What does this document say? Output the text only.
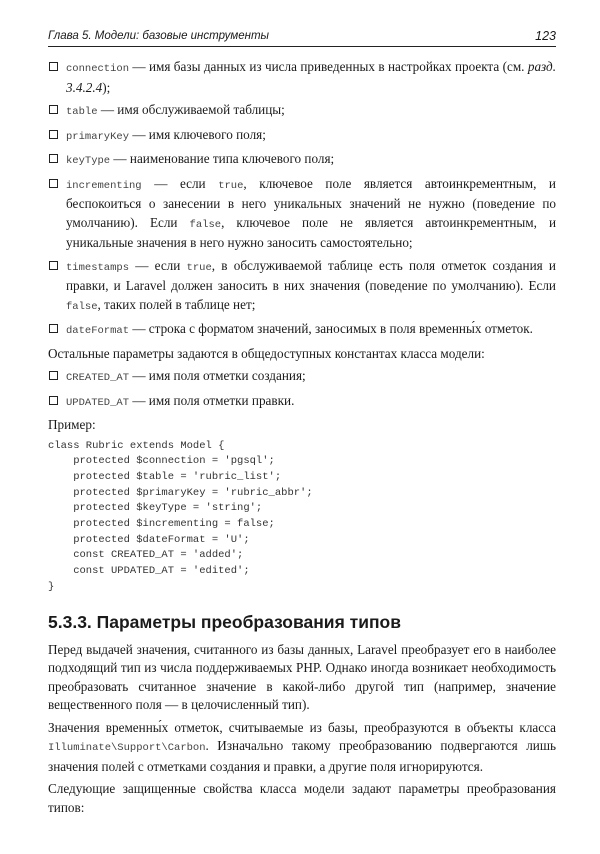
Глава 5. Модели: базовые инструменты	123
connection — имя базы данных из числа приведенных в настройках проекта (см. разд. 3.4.2.4);
table — имя обслуживаемой таблицы;
primaryKey — имя ключевого поля;
keyType — наименование типа ключевого поля;
incrementing — если true, ключевое поле является автоинкрементным, и беспокоиться о занесении в него уникальных значений не нужно (поведение по умолчанию). Если false, ключевое поле не является автоинкрементным, и уникальные значения в него нужно заносить самостоятельно;
timestamps — если true, в обслуживаемой таблице есть поля отметок создания и правки, и Laravel должен заносить в них значения (поведение по умолчанию). Если false, таких полей в таблице нет;
dateFormat — строка с форматом значений, заносимых в поля временны́х отметок.

Остальные параметры задаются в общедоступных константах класса модели:

CREATED_AT — имя поля отметки создания;
UPDATED_AT — имя поля отметки правки.

Пример:

class Rubric extends Model {
protected $connection = 'pgsql';
protected $table = 'rubric_list';
protected $primaryKey = 'rubric_abbr';
protected $keyType = 'string';
protected $incrementing = false;
protected $dateFormat = 'U';
const CREATED_AT = 'added';
const UPDATED_AT = 'edited';
}
5.3.3. Параметры преобразования типов

Перед выдачей значения, считанного из базы данных, Laravel преобразует его в наиболее подходящий тип из числа поддерживаемых PHP. Однако иногда возникает необходимость преобразовать считанное значение в какой-либо другой тип (например, значение вещественного поля — в целочисленный тип).

Значения временны́х отметок, считываемые из базы, преобразуются в объекты класса Illuminate\Support\Carbon. Изначально такому преобразованию подвергаются лишь значения полей с отметками создания и правки, а другие поля игнорируются.

Следующие защищенные свойства класса модели задают параметры преобразования типов:
